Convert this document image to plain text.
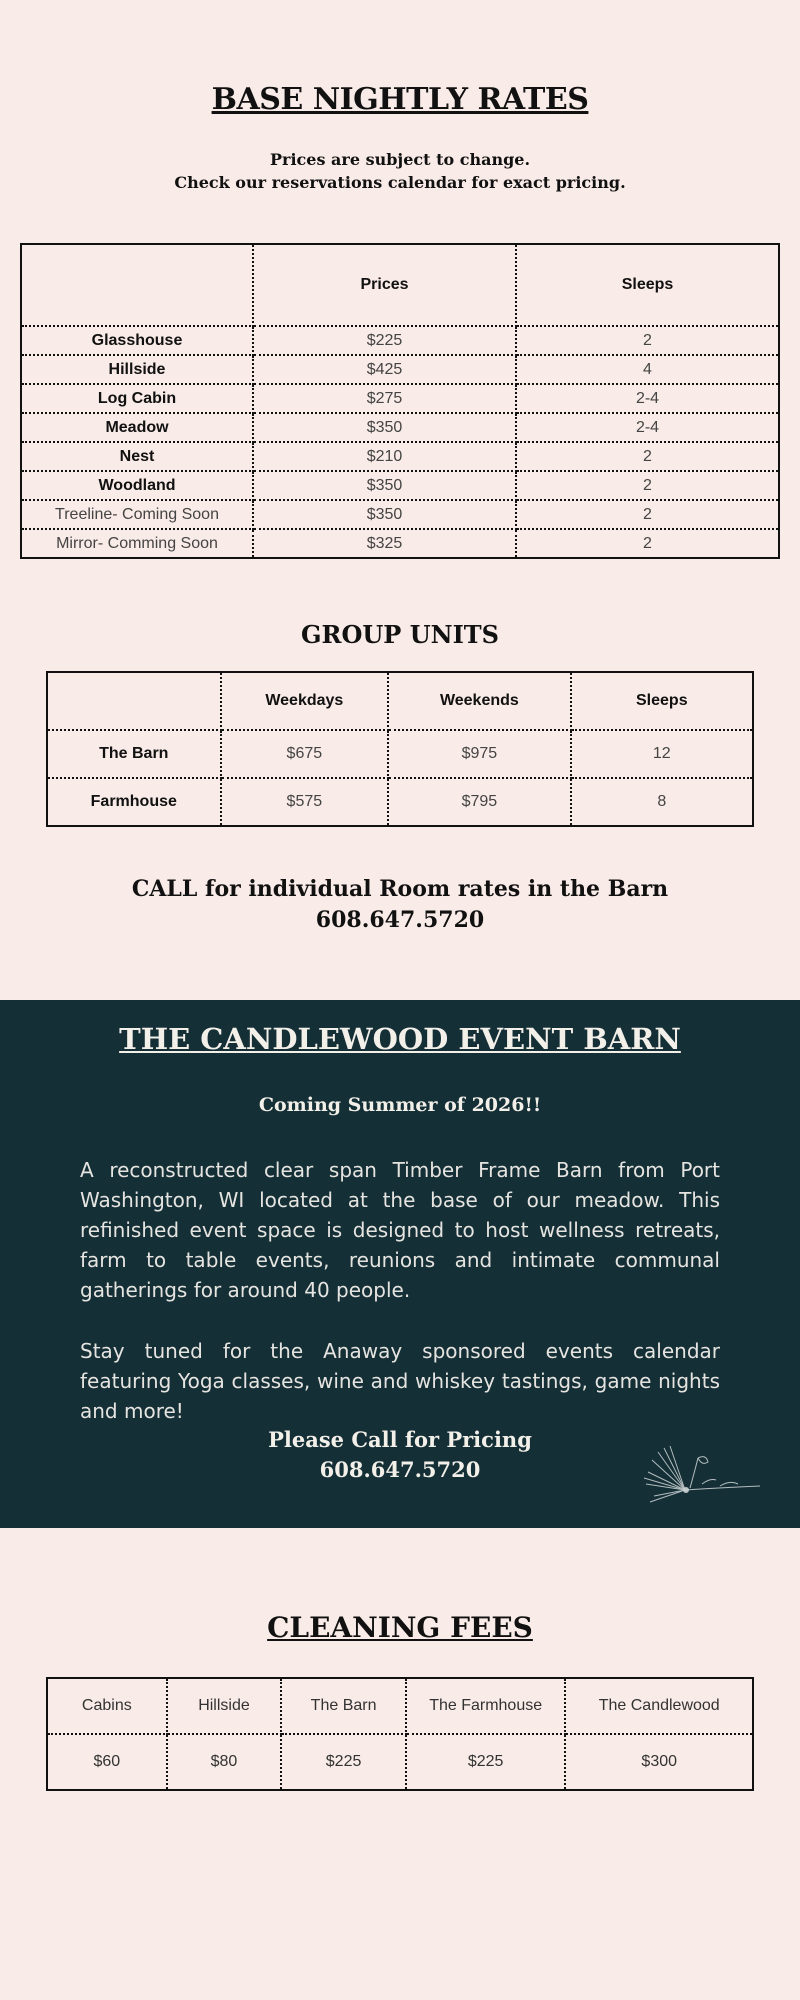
BASE NIGHTLY RATES
Prices are subject to change.
Check our reservations calendar for exact pricing.
	Prices	Sleeps
Glasshouse	$225	2
Hillside	$425	4
Log Cabin	$275	2-4
Meadow	$350	2-4
Nest	$210	2
Woodland	$350	2
Treeline- Coming Soon	$350	2
Mirror- Comming Soon	$325	2
GROUP UNITS
	Weekdays	Weekends	Sleeps
The Barn	$675	$975	12
Farmhouse	$575	$795	8
CALL for individual Room rates in the Barn
608.647.5720
THE CANDLEWOOD EVENT BARN
Coming Summer of 2026!!
A reconstructed clear span Timber Frame Barn from Port Washington, WI located at the base of our meadow. This refinished event space is designed to host wellness retreats, farm to table events, reunions and intimate communal gatherings for around 40 people.
Stay tuned for the Anaway sponsored events calendar featuring Yoga classes, wine and whiskey tastings, game nights and more!
Please Call for Pricing
608.647.5720
CLEANING FEES
Cabins	Hillside	The Barn	The Farmhouse	The Candlewood
$60	$80	$225	$225	$300
